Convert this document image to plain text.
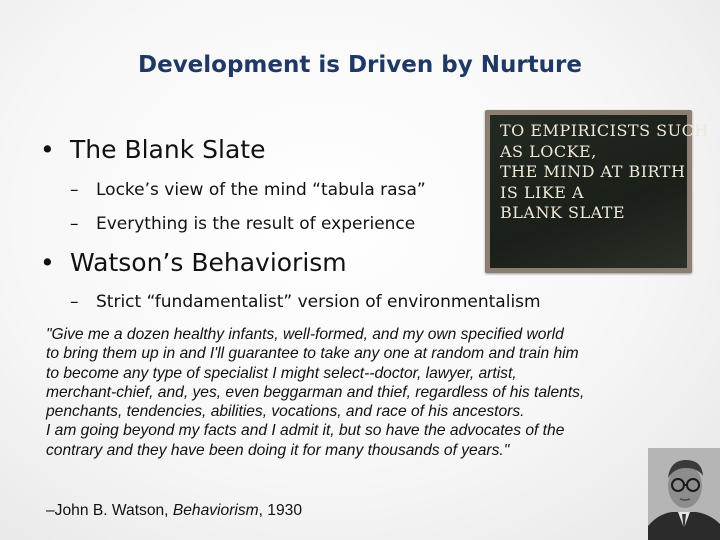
Development is Driven by Nurture
• The Blank Slate
– Locke’s view of the mind “tabula rasa”
– Everything is the result of experience
• Watson’s Behaviorism
– Strict “fundamentalist” version of environmentalism
"Give me a dozen healthy infants, well-formed, and my own specified world
to bring them up in and I'll guarantee to take any one at random and train him
to become any type of specialist I might select--doctor, lawyer, artist,
merchant-chief, and, yes, even beggarman and thief, regardless of his talents,
penchants, tendencies, abilities, vocations, and race of his ancestors.
I am going beyond my facts and I admit it, but so have the advocates of the
contrary and they have been doing it for many thousands of years."
–John B. Watson, Behaviorism, 1930
TO EMPIRICISTS SUCH
AS LOCKE,
THE MIND AT BIRTH
IS LIKE A
BLANK SLATE
